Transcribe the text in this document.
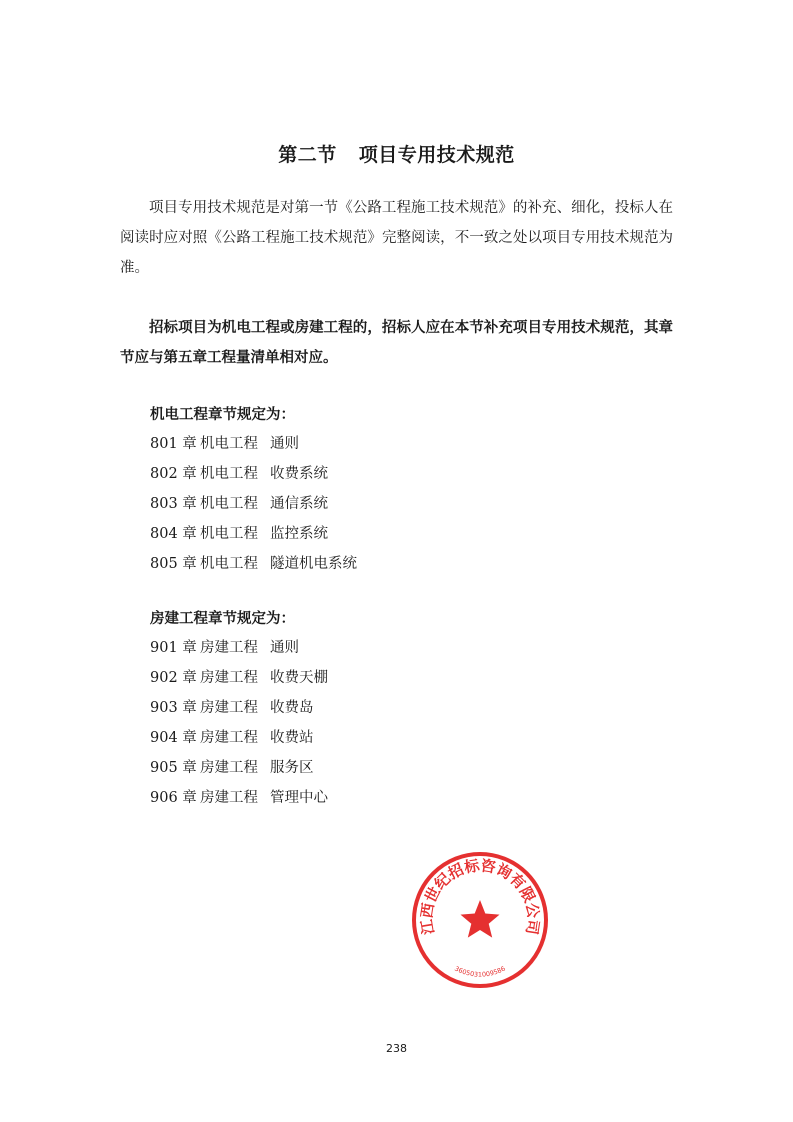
第二节 项目专用技术规范

项目专用技术规范是对第一节《公路工程施工技术规范》的补充、细化，投标人在阅读时应对照《公路工程施工技术规范》完整阅读，不一致之处以项目专用技术规范为准。

招标项目为机电工程或房建工程的，招标人应在本节补充项目专用技术规范，其章节应与第五章工程量清单相对应。

机电工程章节规定为：
801 章 机电工程 通则
802 章 机电工程 收费系统
803 章 机电工程 通信系统
804 章 机电工程 监控系统
805 章 机电工程 隧道机电系统
房建工程章节规定为：
901 章 房建工程 通则
902 章 房建工程 收费天棚
903 章 房建工程 收费岛
904 章 房建工程 收费站
905 章 房建工程 服务区
906 章 房建工程 管理中心
江西世纪招标咨询有限公司
3605031009586
238
